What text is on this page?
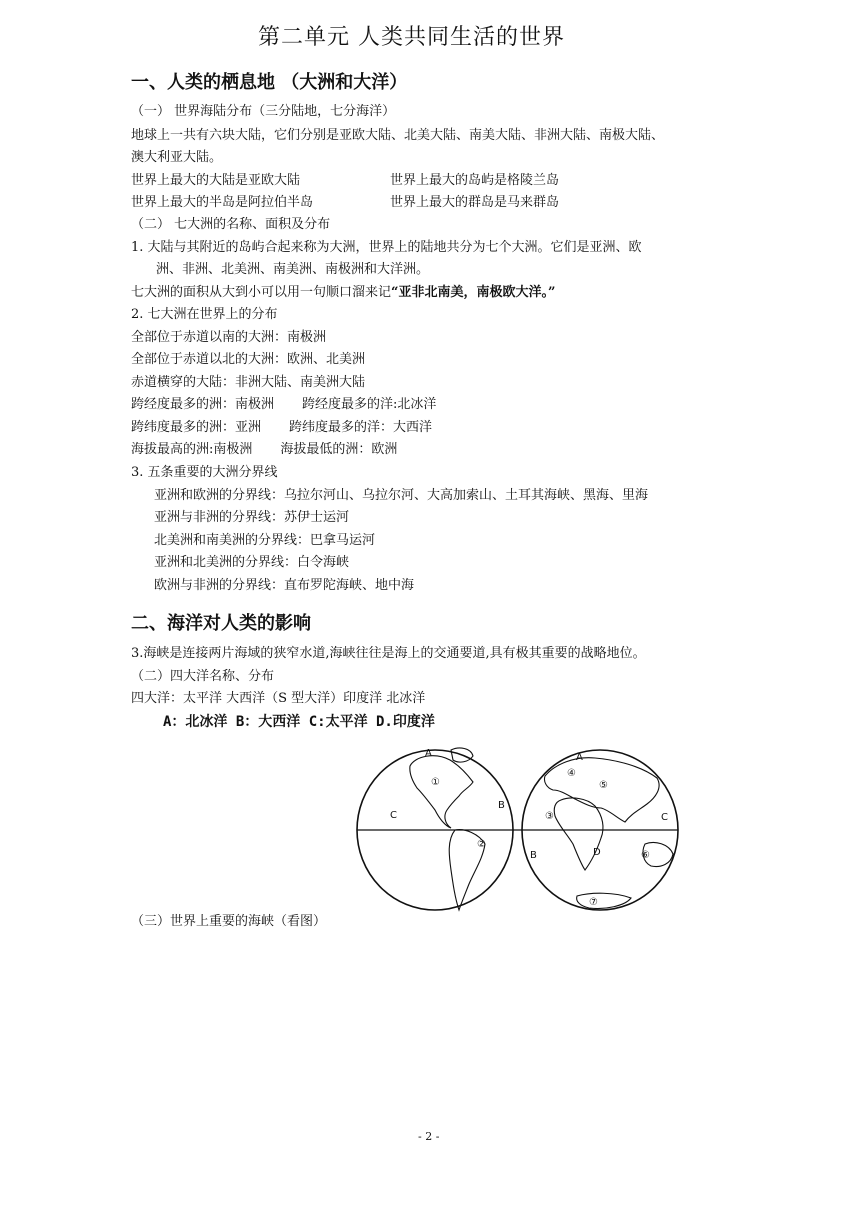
第二单元 人类共同生活的世界
一、人类的栖息地 （大洲和大洋）
（一） 世界海陆分布（三分陆地，七分海洋）
地球上一共有六块大陆，它们分别是亚欧大陆、北美大陆、南美大陆、非洲大陆、南极大陆、
澳大利亚大陆。
世界上最大的大陆是亚欧大陆	世界上最大的岛屿是格陵兰岛
世界上最大的半岛是阿拉伯半岛	世界上最大的群岛是马来群岛
（二） 七大洲的名称、面积及分布
1. 大陆与其附近的岛屿合起来称为大洲，世界上的陆地共分为七个大洲。它们是亚洲、欧
洲、非洲、北美洲、南美洲、南极洲和大洋洲。
七大洲的面积从大到小可以用一句顺口溜来记“亚非北南美，南极欧大洋。”
2. 七大洲在世界上的分布
全部位于赤道以南的大洲：南极洲
全部位于赤道以北的大洲：欧洲、北美洲
赤道横穿的大陆：非洲大陆、南美洲大陆
跨经度最多的洲：南极洲 跨经度最多的洋:北冰洋
跨纬度最多的洲：亚洲 跨纬度最多的洋：大西洋
海拔最高的洲:南极洲 海拔最低的洲：欧洲
3. 五条重要的大洲分界线
亚洲和欧洲的分界线：乌拉尔河山、乌拉尔河、大高加索山、土耳其海峡、黑海、里海
亚洲与非洲的分界线：苏伊士运河
北美洲和南美洲的分界线：巴拿马运河
亚洲和北美洲的分界线：白令海峡
欧洲与非洲的分界线：直布罗陀海峡、地中海
二、海洋对人类的影响
3.海峡是连接两片海域的狭窄水道,海峡往往是海上的交通要道,具有极其重要的战略地位。
（二）四大洋名称、分布
四大洋：太平洋 大西洋（S 型大洋）印度洋 北冰洋
A：北冰洋 B：大西洋 C:太平洋 D.印度洋
A
B
C
①
②
A
B
C
D
③
④
⑤
⑥
⑦
（三）世界上重要的海峡（看图）
- 2 -
